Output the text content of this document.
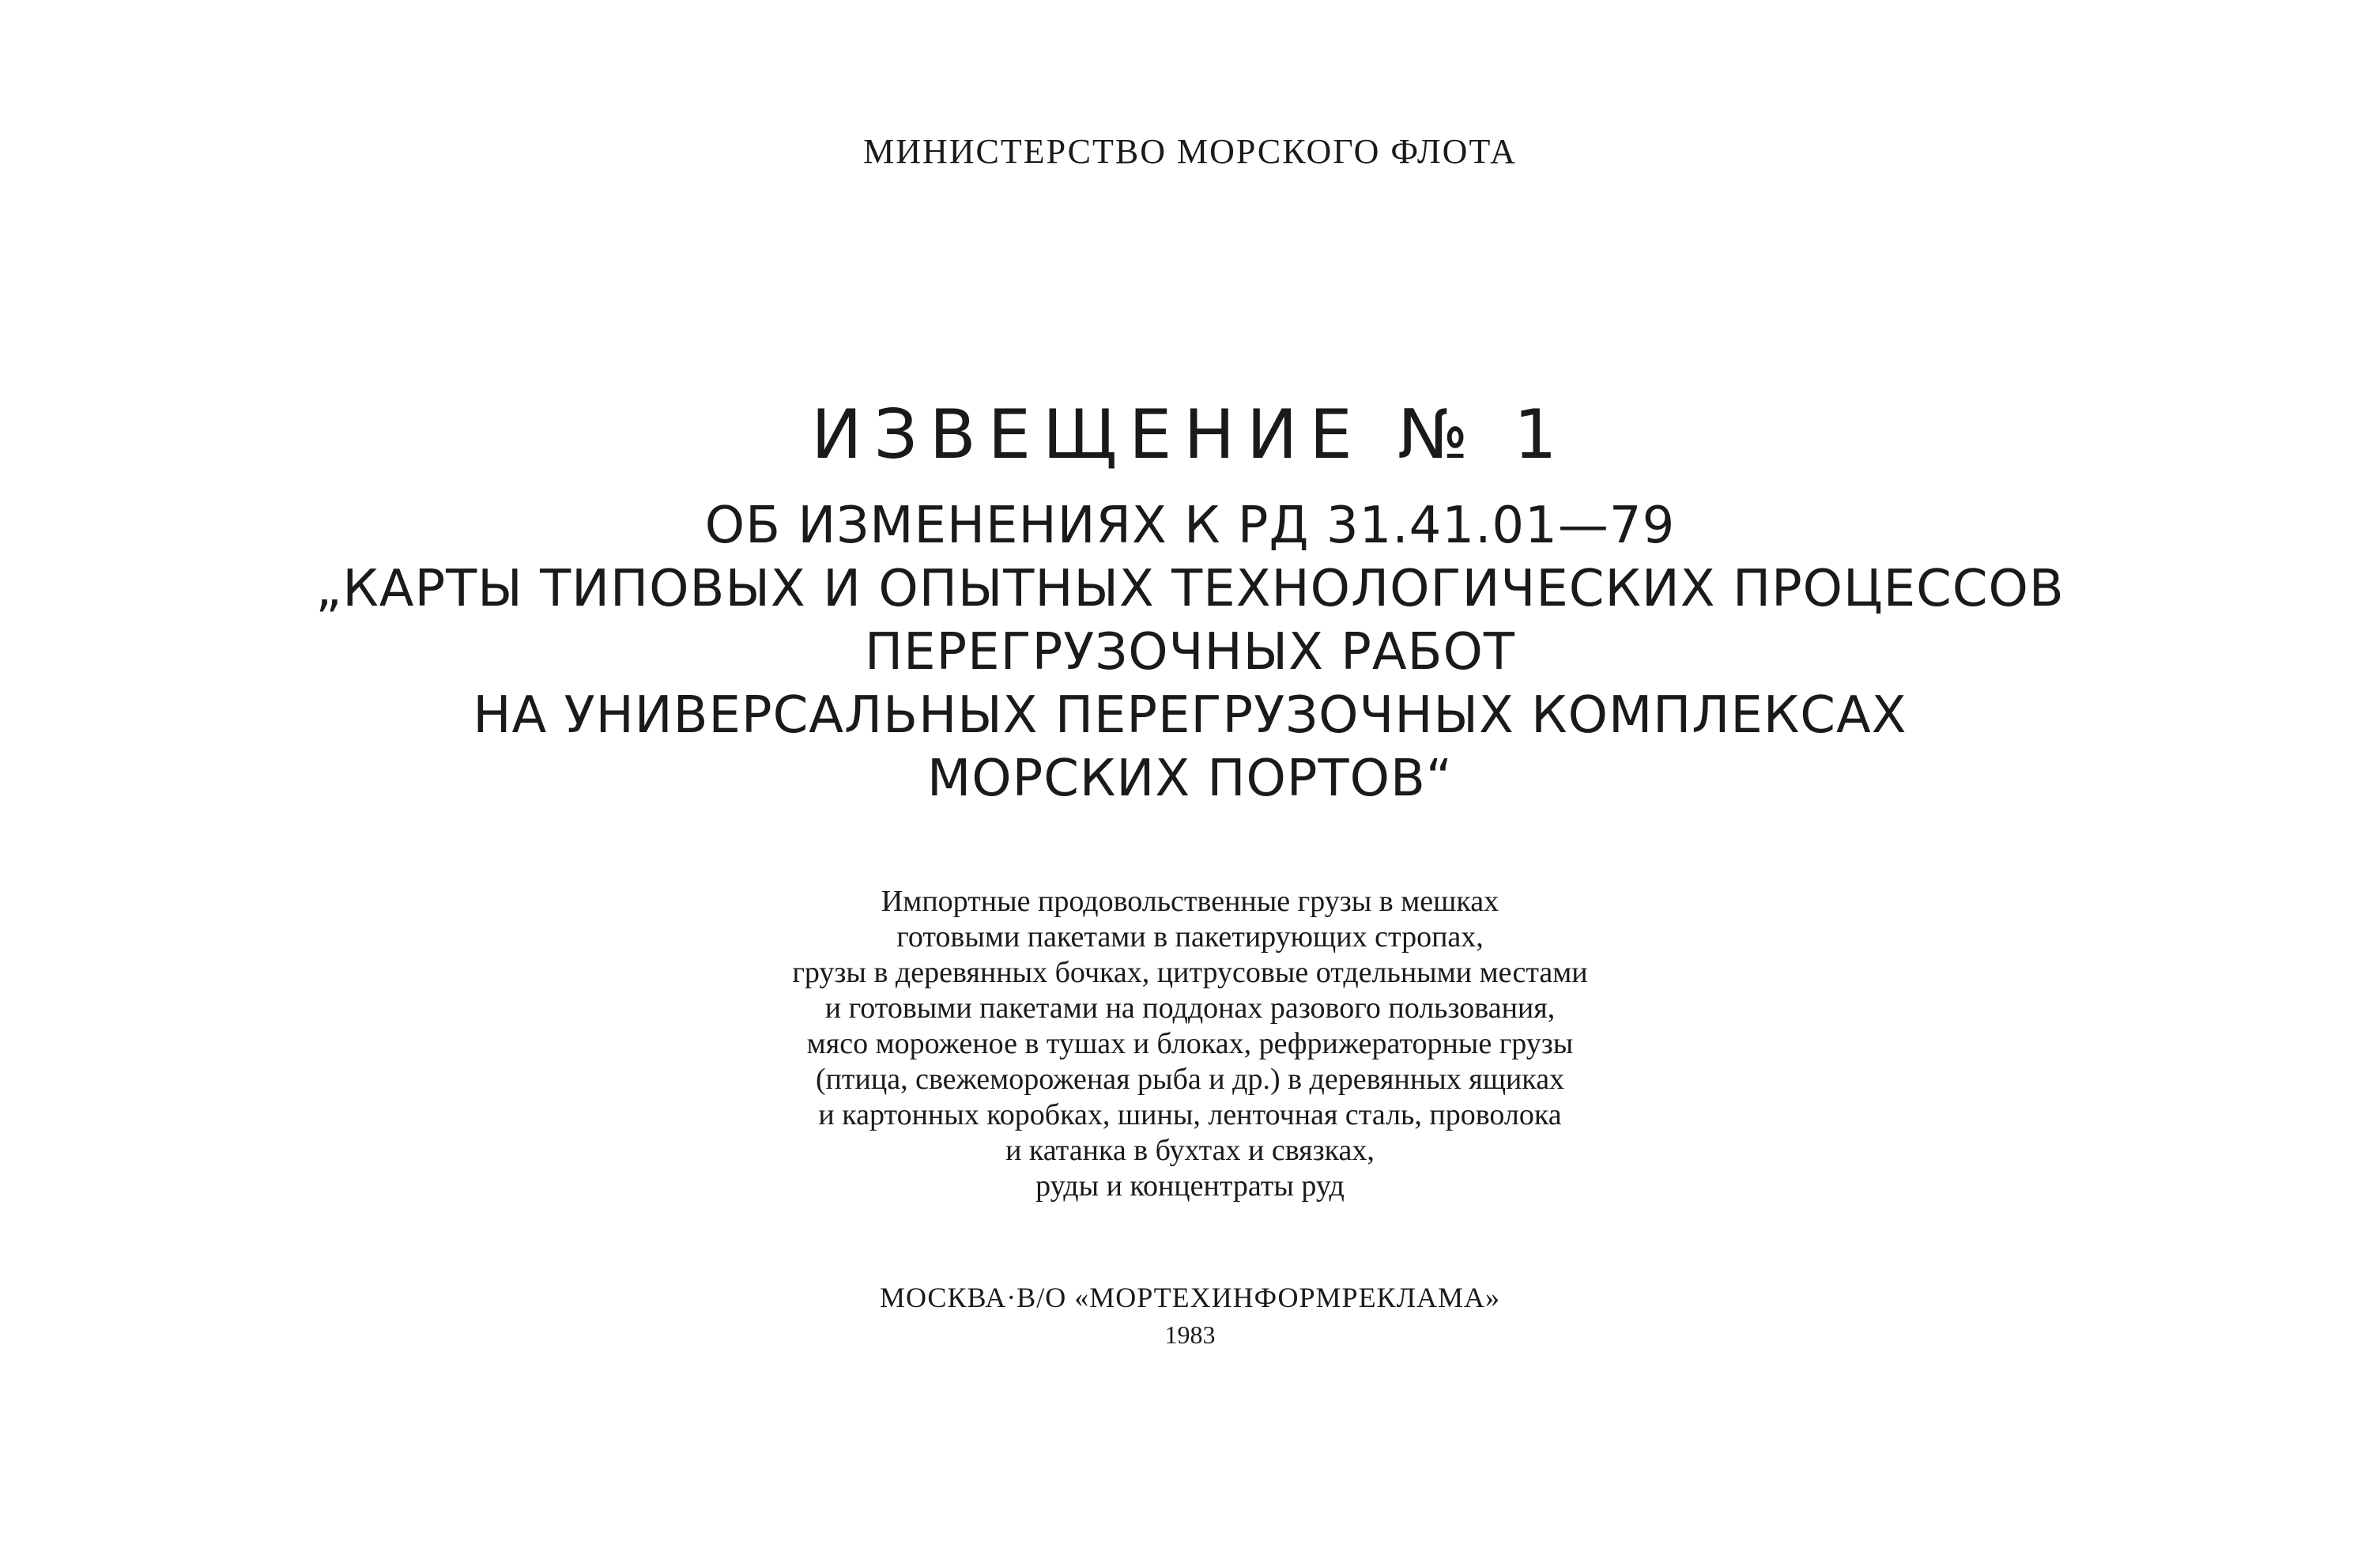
МИНИСТЕРСТВО МОРСКОГО ФЛОТА
ИЗВЕЩЕНИЕ № 1
ОБ ИЗМЕНЕНИЯХ К РД 31.41.01—79
„КАРТЫ ТИПОВЫХ И ОПЫТНЫХ ТЕХНОЛОГИЧЕСКИХ ПРОЦЕССОВ
ПЕРЕГРУЗОЧНЫХ РАБОТ
НА УНИВЕРСАЛЬНЫХ ПЕРЕГРУЗОЧНЫХ КОМПЛЕКСАХ
МОРСКИХ ПОРТОВ“
Импортные продовольственные грузы в мешках
готовыми пакетами в пакетирующих стропах,
грузы в деревянных бочках, цитрусовые отдельными местами
и готовыми пакетами на поддонах разового пользования,
мясо мороженое в тушах и блоках, рефрижераторные грузы
(птица, свежемороженая рыба и др.) в деревянных ящиках
и картонных коробках, шины, ленточная сталь, проволока
и катанка в бухтах и связках,
руды и концентраты руд
МОСКВА·В/О «МОРТЕХИНФОРМРЕКЛАМА»
1983
